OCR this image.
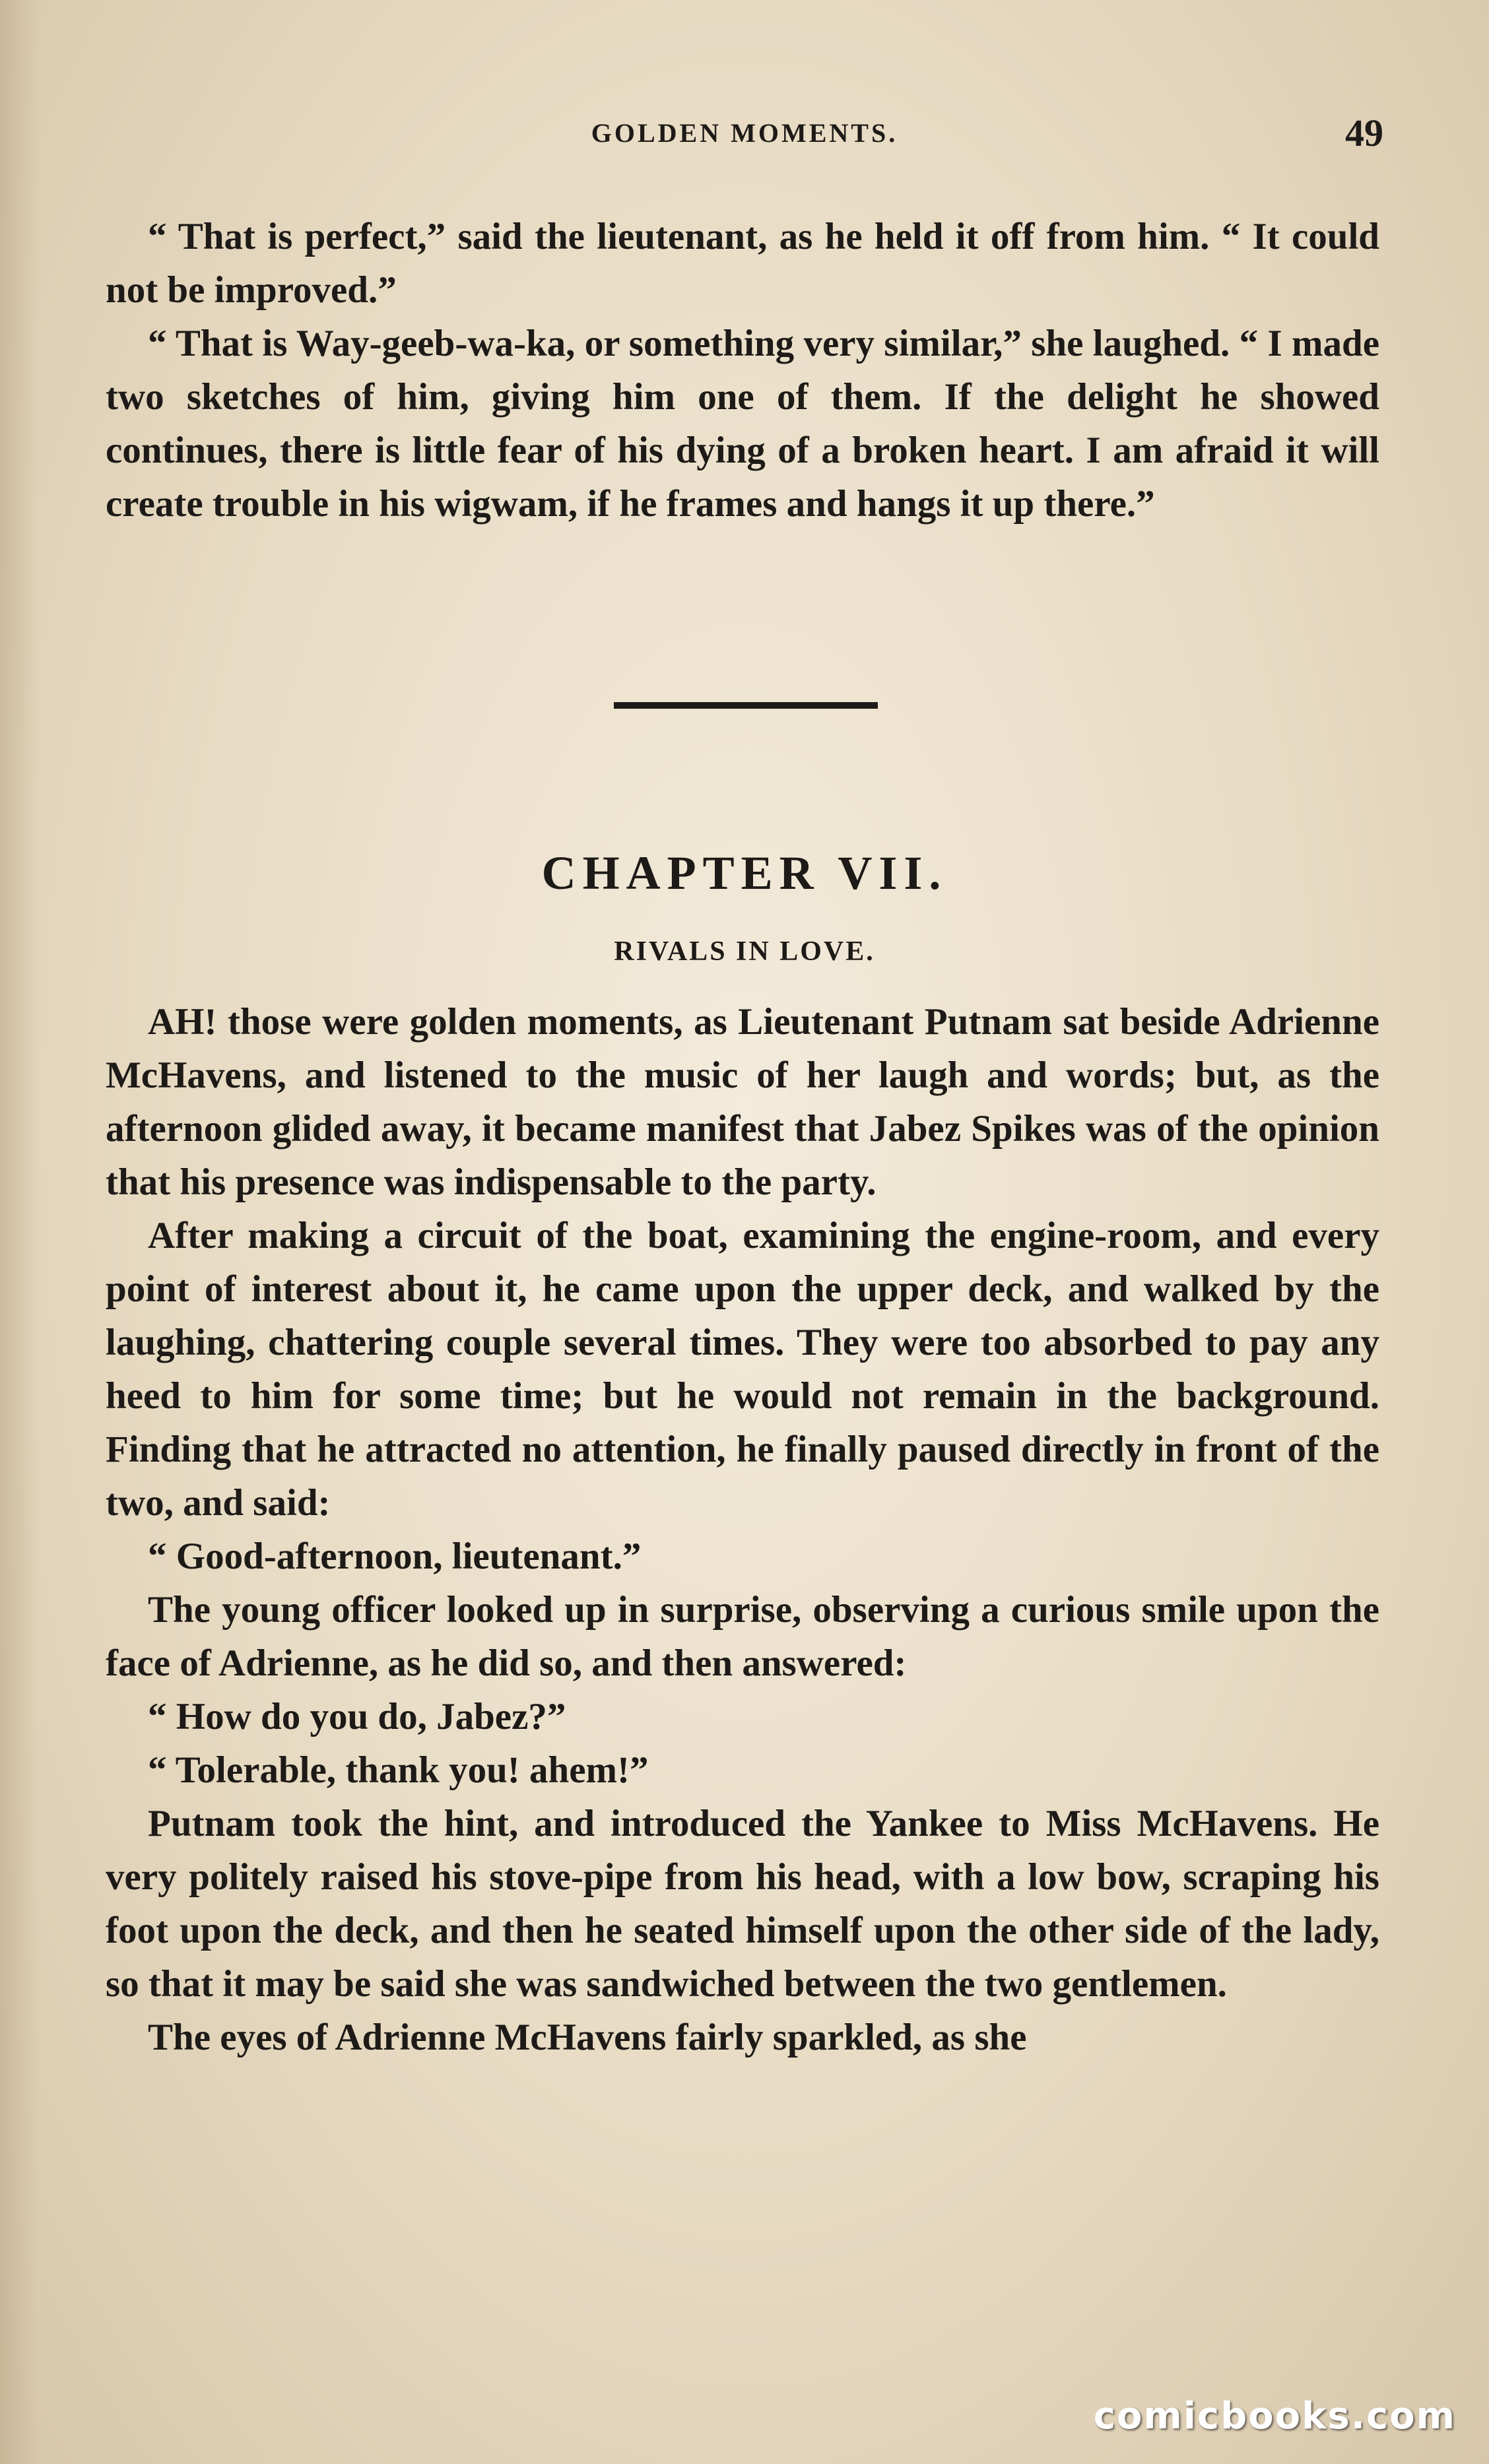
GOLDEN MOMENTS.	49

“ That is perfect,” said the lieutenant, as he held it off from him. “ It could not be improved.”

“ That is Way-geeb-wa-ka, or something very similar,” she laughed. “ I made two sketches of him, giving him one of them. If the delight he showed continues, there is little fear of his dying of a broken heart. I am afraid it will create trouble in his wigwam, if he frames and hangs it up there.”

CHAPTER VII.
RIVALS IN LOVE.

AH! those were golden moments, as Lieutenant Putnam sat beside Adrienne McHavens, and listened to the music of her laugh and words; but, as the afternoon glided away, it became manifest that Jabez Spikes was of the opinion that his presence was indispensable to the party.

After making a circuit of the boat, examining the engine-room, and every point of interest about it, he came upon the upper deck, and walked by the laughing, chattering couple several times. They were too absorbed to pay any heed to him for some time; but he would not remain in the background. Finding that he attracted no attention, he finally paused directly in front of the two, and said:

“ Good-afternoon, lieutenant.”

The young officer looked up in surprise, observing a curious smile upon the face of Adrienne, as he did so, and then answered:

“ How do you do, Jabez?”

“ Tolerable, thank you! ahem!”

Putnam took the hint, and introduced the Yankee to Miss McHavens. He very politely raised his stove-pipe from his head, with a low bow, scraping his foot upon the deck, and then he seated himself upon the other side of the lady, so that it may be said she was sandwiched between the two gentlemen.

The eyes of Adrienne McHavens fairly sparkled, as she

comicbooks.com
